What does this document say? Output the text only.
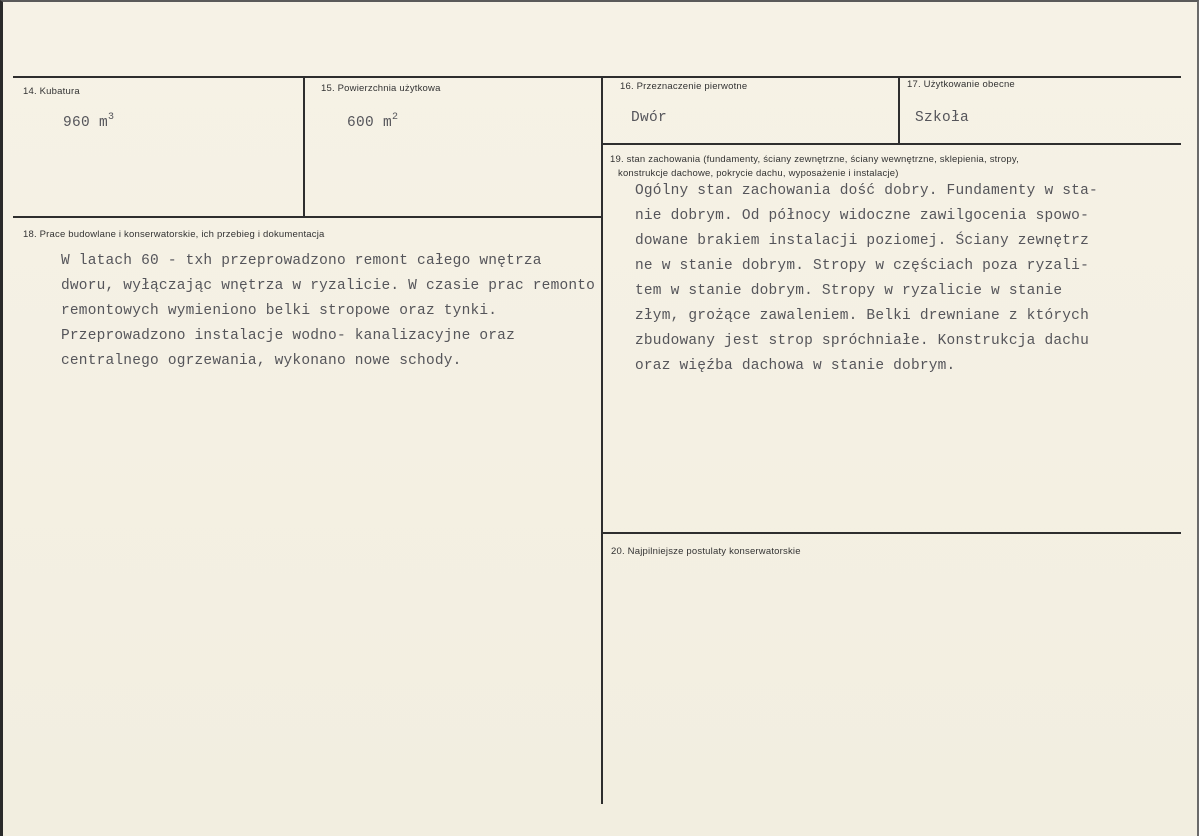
14. Kubatura
960 $m^3$
15. Powierzchnia użytkowa
600 $m^2$
16. Przeznaczenie pierwotne
Dwór
17. Użytkowanie obecne
Szkoła
18. Prace budowlane i konserwatorskie, ich przebieg i dokumentacja
W latach 60 - txh przeprowadzono remont całego wnętrza
dworu, wyłączając wnętrza w ryzalicie. W czasie prac remonto
remontowych wymieniono belki stropowe oraz tynki.
Przeprowadzono instalacje wodno- kanalizacyjne oraz
centralnego ogrzewania, wykonano nowe schody.
19. stan zachowania (fundamenty, ściany zewnętrzne, ściany wewnętrzne, sklepienia, stropy,
konstrukcje dachowe, pokrycie dachu, wyposażenie i instalacje)
Ogólny stan zachowania dość dobry. Fundamenty w sta-
nie dobrym. Od północy widoczne zawilgocenia spowo-
dowane brakiem instalacji poziomej. Ściany zewnętrz
ne w stanie dobrym. Stropy w częściach poza ryzali-
tem w stanie dobrym. Stropy w ryzalicie w stanie
złym, grożące zawaleniem. Belki drewniane z których
zbudowany jest strop spróchniałe. Konstrukcja dachu
oraz więźba dachowa w stanie dobrym.
20. Najpilniejsze postulaty konserwatorskie
